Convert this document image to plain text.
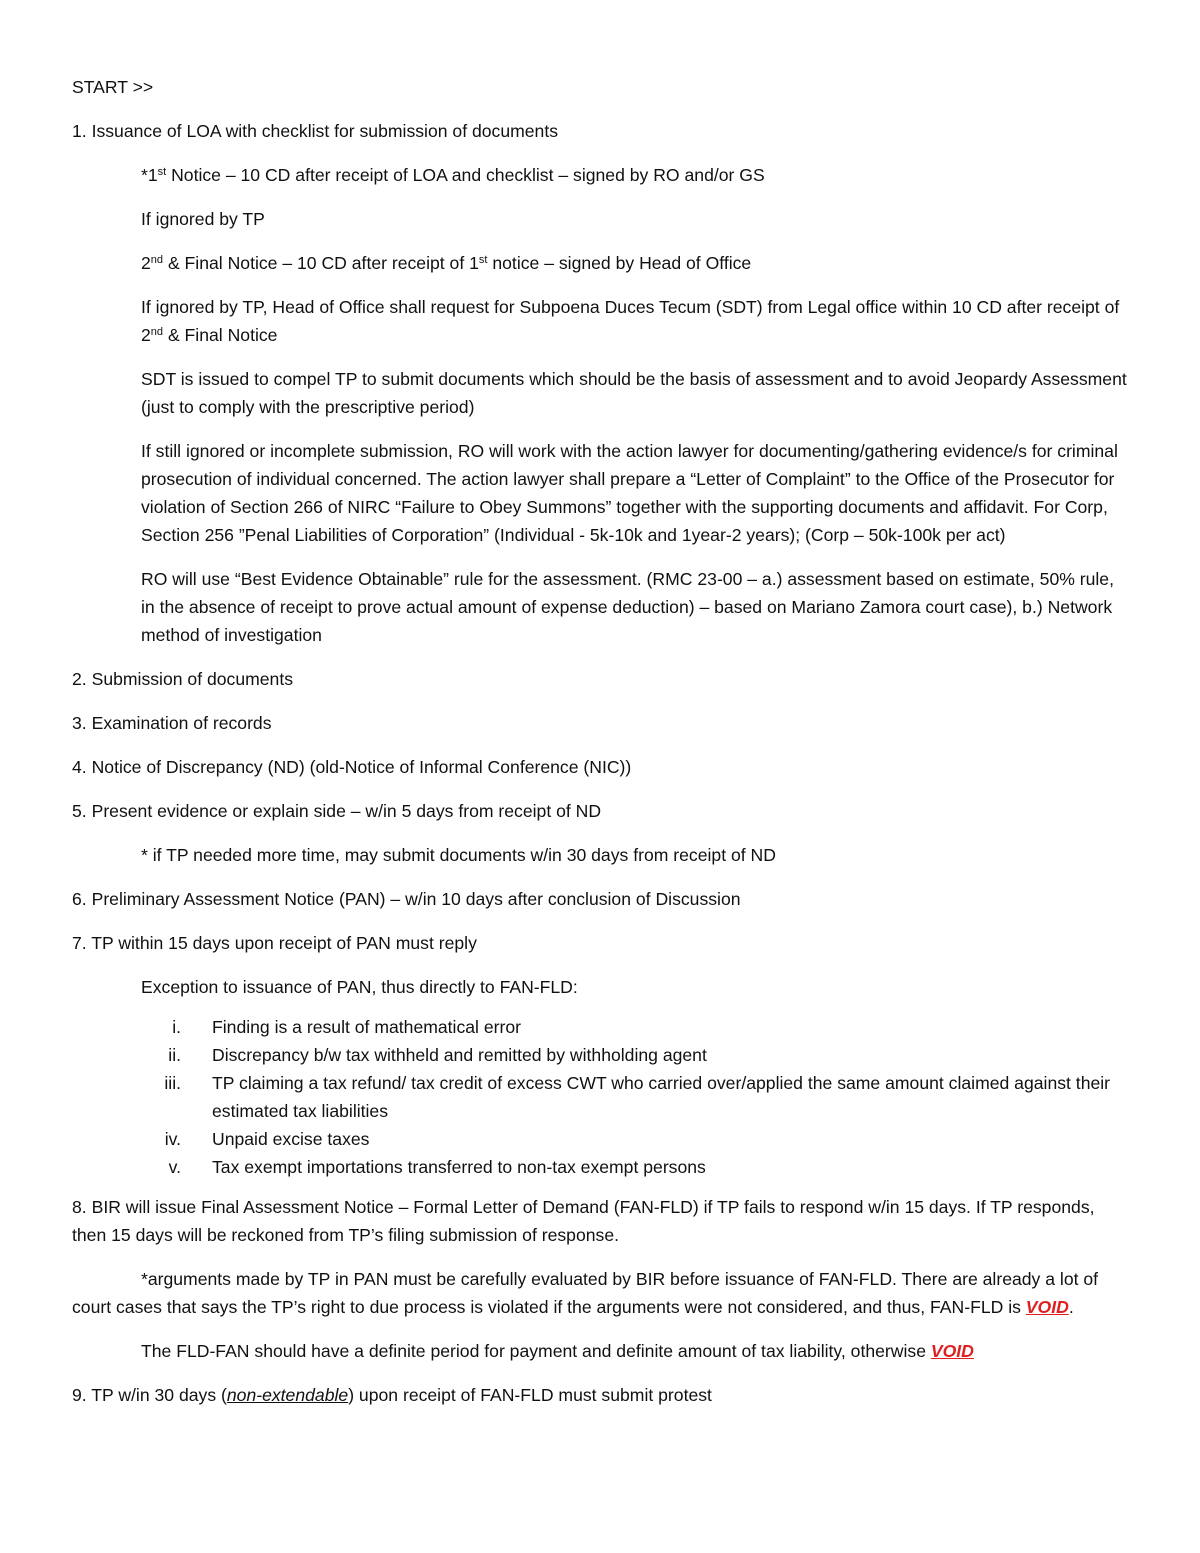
START >>

1. Issuance of LOA with checklist for submission of documents

*1st Notice – 10 CD after receipt of LOA and checklist – signed by RO and/or GS

If ignored by TP

2nd & Final Notice – 10 CD after receipt of 1st notice – signed by Head of Office

If ignored by TP, Head of Office shall request for Subpoena Duces Tecum (SDT) from Legal office within 10 CD after receipt of 2nd & Final Notice

SDT is issued to compel TP to submit documents which should be the basis of assessment and to avoid Jeopardy Assessment (just to comply with the prescriptive period)

If still ignored or incomplete submission, RO will work with the action lawyer for documenting/gathering evidence/s for criminal prosecution of individual concerned. The action lawyer shall prepare a “Letter of Complaint” to the Office of the Prosecutor for violation of Section 266 of NIRC “Failure to Obey Summons” together with the supporting documents and affidavit. For Corp, Section 256 ”Penal Liabilities of Corporation” (Individual - 5k-10k and 1year-2 years); (Corp – 50k-100k per act)

RO will use “Best Evidence Obtainable” rule for the assessment. (RMC 23-00 – a.) assessment based on estimate, 50% rule, in the absence of receipt to prove actual amount of expense deduction) – based on Mariano Zamora court case), b.) Network method of investigation

2. Submission of documents

3. Examination of records

4. Notice of Discrepancy (ND) (old-Notice of Informal Conference (NIC))

5. Present evidence or explain side – w/in 5 days from receipt of ND

* if TP needed more time, may submit documents w/in 30 days from receipt of ND

6. Preliminary Assessment Notice (PAN) – w/in 10 days after conclusion of Discussion

7. TP within 15 days upon receipt of PAN must reply

Exception to issuance of PAN, thus directly to FAN-FLD:

i. Finding is a result of mathematical error
ii. Discrepancy b/w tax withheld and remitted by withholding agent
iii. TP claiming a tax refund/ tax credit of excess CWT who carried over/applied the same amount claimed against their estimated tax liabilities
iv. Unpaid excise taxes
v. Tax exempt importations transferred to non-tax exempt persons

8. BIR will issue Final Assessment Notice – Formal Letter of Demand (FAN-FLD) if TP fails to respond w/in 15 days. If TP responds, then 15 days will be reckoned from TP’s filing submission of response.

*arguments made by TP in PAN must be carefully evaluated by BIR before issuance of FAN-FLD. There are already a lot of court cases that says the TP’s right to due process is violated if the arguments were not considered, and thus, FAN-FLD is VOID.

The FLD-FAN should have a definite period for payment and definite amount of tax liability, otherwise VOID

9. TP w/in 30 days (non-extendable) upon receipt of FAN-FLD must submit protest
